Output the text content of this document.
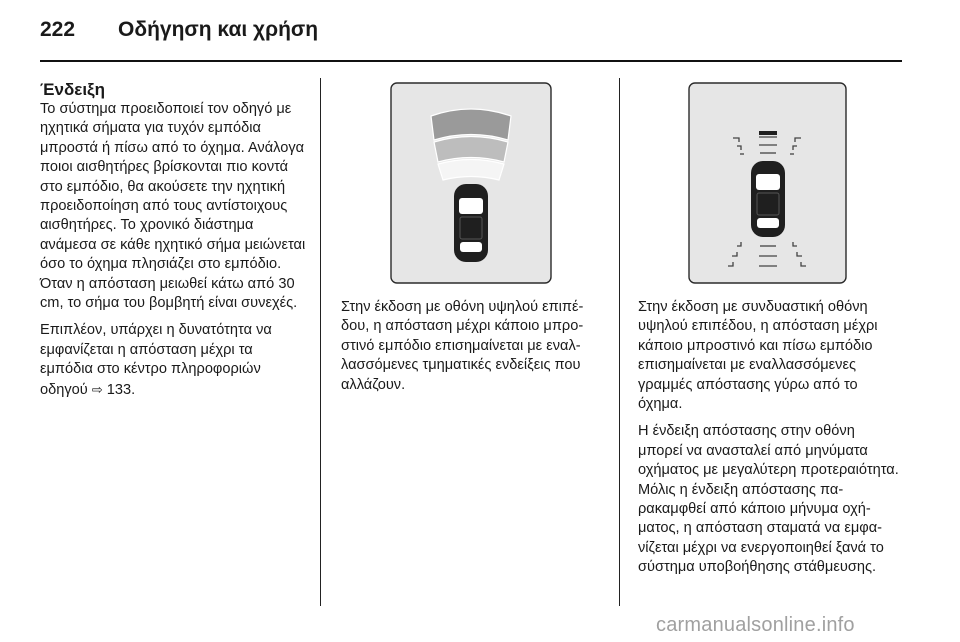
222 Οδήγηση και χρήση
Ένδειξη

Το σύστημα προειδοποιεί τον οδηγό με ηχητικά σήματα για τυχόν εμπόδια μπροστά ή πίσω από το όχημα. Ανάλογα ποιοι αισθητήρες βρίσκονται πιο κοντά στο εμπόδιο, θα ακούσετε την ηχητική προειδοποίηση από τους αντίστοιχους αισθητήρες. Το χρονικό διάστημα ανάμεσα σε κάθε ηχητικό σήμα μειώνεται όσο το όχημα πλησιάζει στο εμπόδιο. Όταν η απόσταση μειωθεί κάτω από 30 cm, το σήμα του βομβητή είναι συνεχές.

Επιπλέον, υπάρχει η δυνατότητα να εμφανίζεται η απόσταση μέχρι τα εμπόδια στο κέντρο πληροφοριών οδηγού ⇨ 133.

Στην έκδοση με οθόνη υψηλού επιπέδου, η απόσταση μέχρι κάποιο μπροστινό εμπόδιο επισημαίνεται με εναλλασσόμενες τμηματικές ενδείξεις που αλλάζουν.

Στην έκδοση με συνδυαστική οθόνη υψηλού επιπέδου, η απόσταση μέχρι κάποιο μπροστινό και πίσω εμπόδιο επισημαίνεται με εναλλασσόμενες γραμμές απόστασης γύρω από το όχημα.

Η ένδειξη απόστασης στην οθόνη μπορεί να ανασταλεί από μηνύματα οχήματος με μεγαλύτερη προτεραιότητα. Μόλις η ένδειξη απόστασης παρακαμφθεί από κάποιο μήνυμα οχήματος, η απόσταση σταματά να εμφανίζεται μέχρι να ενεργοποιηθεί ξανά το σύστημα υποβοήθησης στάθμευσης.

carmanualsonline.info
